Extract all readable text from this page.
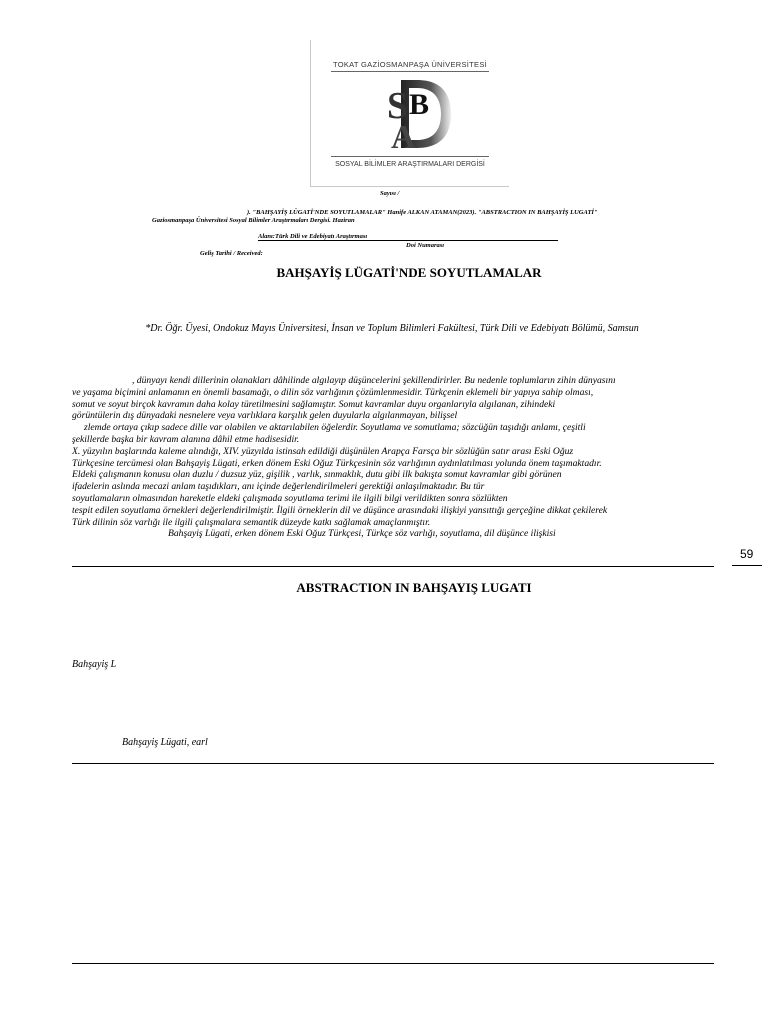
TOKAT GAZİOSMANPAŞA ÜNİVERSİTESİ
S B
A
SOSYAL BİLİMLER ARAŞTIRMALARI DERGİSİ
Sayısı /
). "BAHŞAYİŞ LÜGATİ'NDE SOYUTLAMALAR" Hanife ALKAN ATAMAN(2023). "ABSTRACTION IN BAHŞAYİŞ LUGATİ"
Gaziosmanpaşa Üniversitesi Sosyal Bilimler Araştırmaları Dergisi. Haziran
Alanı:Türk Dili ve Edebiyatı Araştırması
Doi Numarası
Geliş Tarihi / Received:
BAHŞAYİŞ LÜGATİ'NDE SOYUTLAMALAR
*Dr. Öğr. Üyesi, Ondokuz Mayıs Üniversitesi, İnsan ve Toplum Bilimleri Fakültesi, Türk Dili ve Edebiyatı Bölümü, Samsun

, dünyayı kendi dillerinin olanakları dâhilinde algılayıp düşüncelerini şekillendirirler. Bu nedenle toplumların zihin dünyasını

ve yaşama biçimini anlamanın en önemli basamağı, o dilin söz varlığının çözümlenmesidir. Türkçenin eklemeli bir yapıya sahip olması,

somut ve soyut birçok kavramın daha kolay türetilmesini sağlamıştır. Somut kavramlar duyu organlarıyla algılanan, zihindeki

görüntülerin dış dünyadaki nesnelere veya varlıklara karşılık gelen duyularla algılanmayan, bilişsel

zlemde ortaya çıkıp sadece dille var olabilen ve aktarılabilen öğelerdir. Soyutlama ve somutlama; sözcüğün taşıdığı anlamı, çeşitli

şekillerde başka bir kavram alanına dâhil etme hadisesidir.

X. yüzyılın başlarında kaleme alındığı, XIV. yüzyılda istinsah edildiği düşünülen Arapça Farsça bir sözlüğün satır arası Eski Oğuz

Türkçesine tercümesi olan Bahşayiş Lügati, erken dönem Eski Oğuz Türkçesinin söz varlığının aydınlatılması yolunda önem taşımaktadır.

Eldeki çalışmanın konusu olan duzlu / duzsuz yüz, gişilik , varlık, sınmaklık, dutu gibi ilk bakışta somut kavramlar gibi görünen

ifadelerin aslında mecazi anlam taşıdıkları, anı içinde değerlendirilmeleri gerektiği anlaşılmaktadır. Bu tür

soyutlamaların olmasından hareketle eldeki çalışmada soyutlama terimi ile ilgili bilgi verildikten sonra sözlükten

tespit edilen soyutlama örnekleri değerlendirilmiştir. İlgili örneklerin dil ve düşünce arasındaki ilişkiyi yansıttığı gerçeğine dikkat çekilerek

Türk dilinin söz varlığı ile ilgili çalışmalara semantik düzeyde katkı sağlamak amaçlanmıştır.

Bahşayiş Lügati, erken dönem Eski Oğuz Türkçesi, Türkçe söz varlığı, soyutlama, dil düşünce ilişkisi

59
ABSTRACTION IN BAHŞAYIŞ LUGATI
Bahşayiş L
Bahşayiş Lügati, earl
